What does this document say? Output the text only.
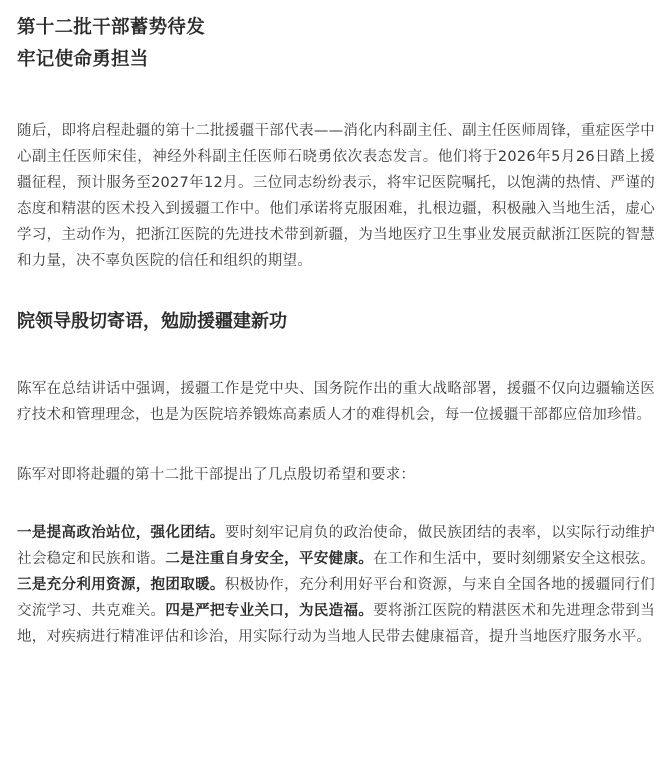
第十二批干部蓄势待发
牢记使命勇担当

随后，即将启程赴疆的第十二批援疆干部代表——消化内科副主任、副主任医师周锋，重症医学中心副主任医师宋佳，神经外科副主任医师石晓勇依次表态发言。他们将于2026年5月26日踏上援疆征程，预计服务至2027年12月。三位同志纷纷表示，将牢记医院嘱托，以饱满的热情、严谨的态度和精湛的医术投入到援疆工作中。他们承诺将克服困难，扎根边疆，积极融入当地生活，虚心学习，主动作为，把浙江医院的先进技术带到新疆，为当地医疗卫生事业发展贡献浙江医院的智慧和力量，决不辜负医院的信任和组织的期望。

院领导殷切寄语，勉励援疆建新功

陈军在总结讲话中强调，援疆工作是党中央、国务院作出的重大战略部署，援疆不仅向边疆输送医疗技术和管理理念，也是为医院培养锻炼高素质人才的难得机会，每一位援疆干部都应倍加珍惜。

陈军对即将赴疆的第十二批干部提出了几点殷切希望和要求：

一是提高政治站位，强化团结。要时刻牢记肩负的政治使命，做民族团结的表率，以实际行动维护社会稳定和民族和谐。二是注重自身安全，平安健康。在工作和生活中，要时刻绷紧安全这根弦。三是充分利用资源，抱团取暖。积极协作，充分利用好平台和资源，与来自全国各地的援疆同行们交流学习、共克难关。四是严把专业关口，为民造福。要将浙江医院的精湛医术和先进理念带到当地，对疾病进行精准评估和诊治，用实际行动为当地人民带去健康福音，提升当地医疗服务水平。
